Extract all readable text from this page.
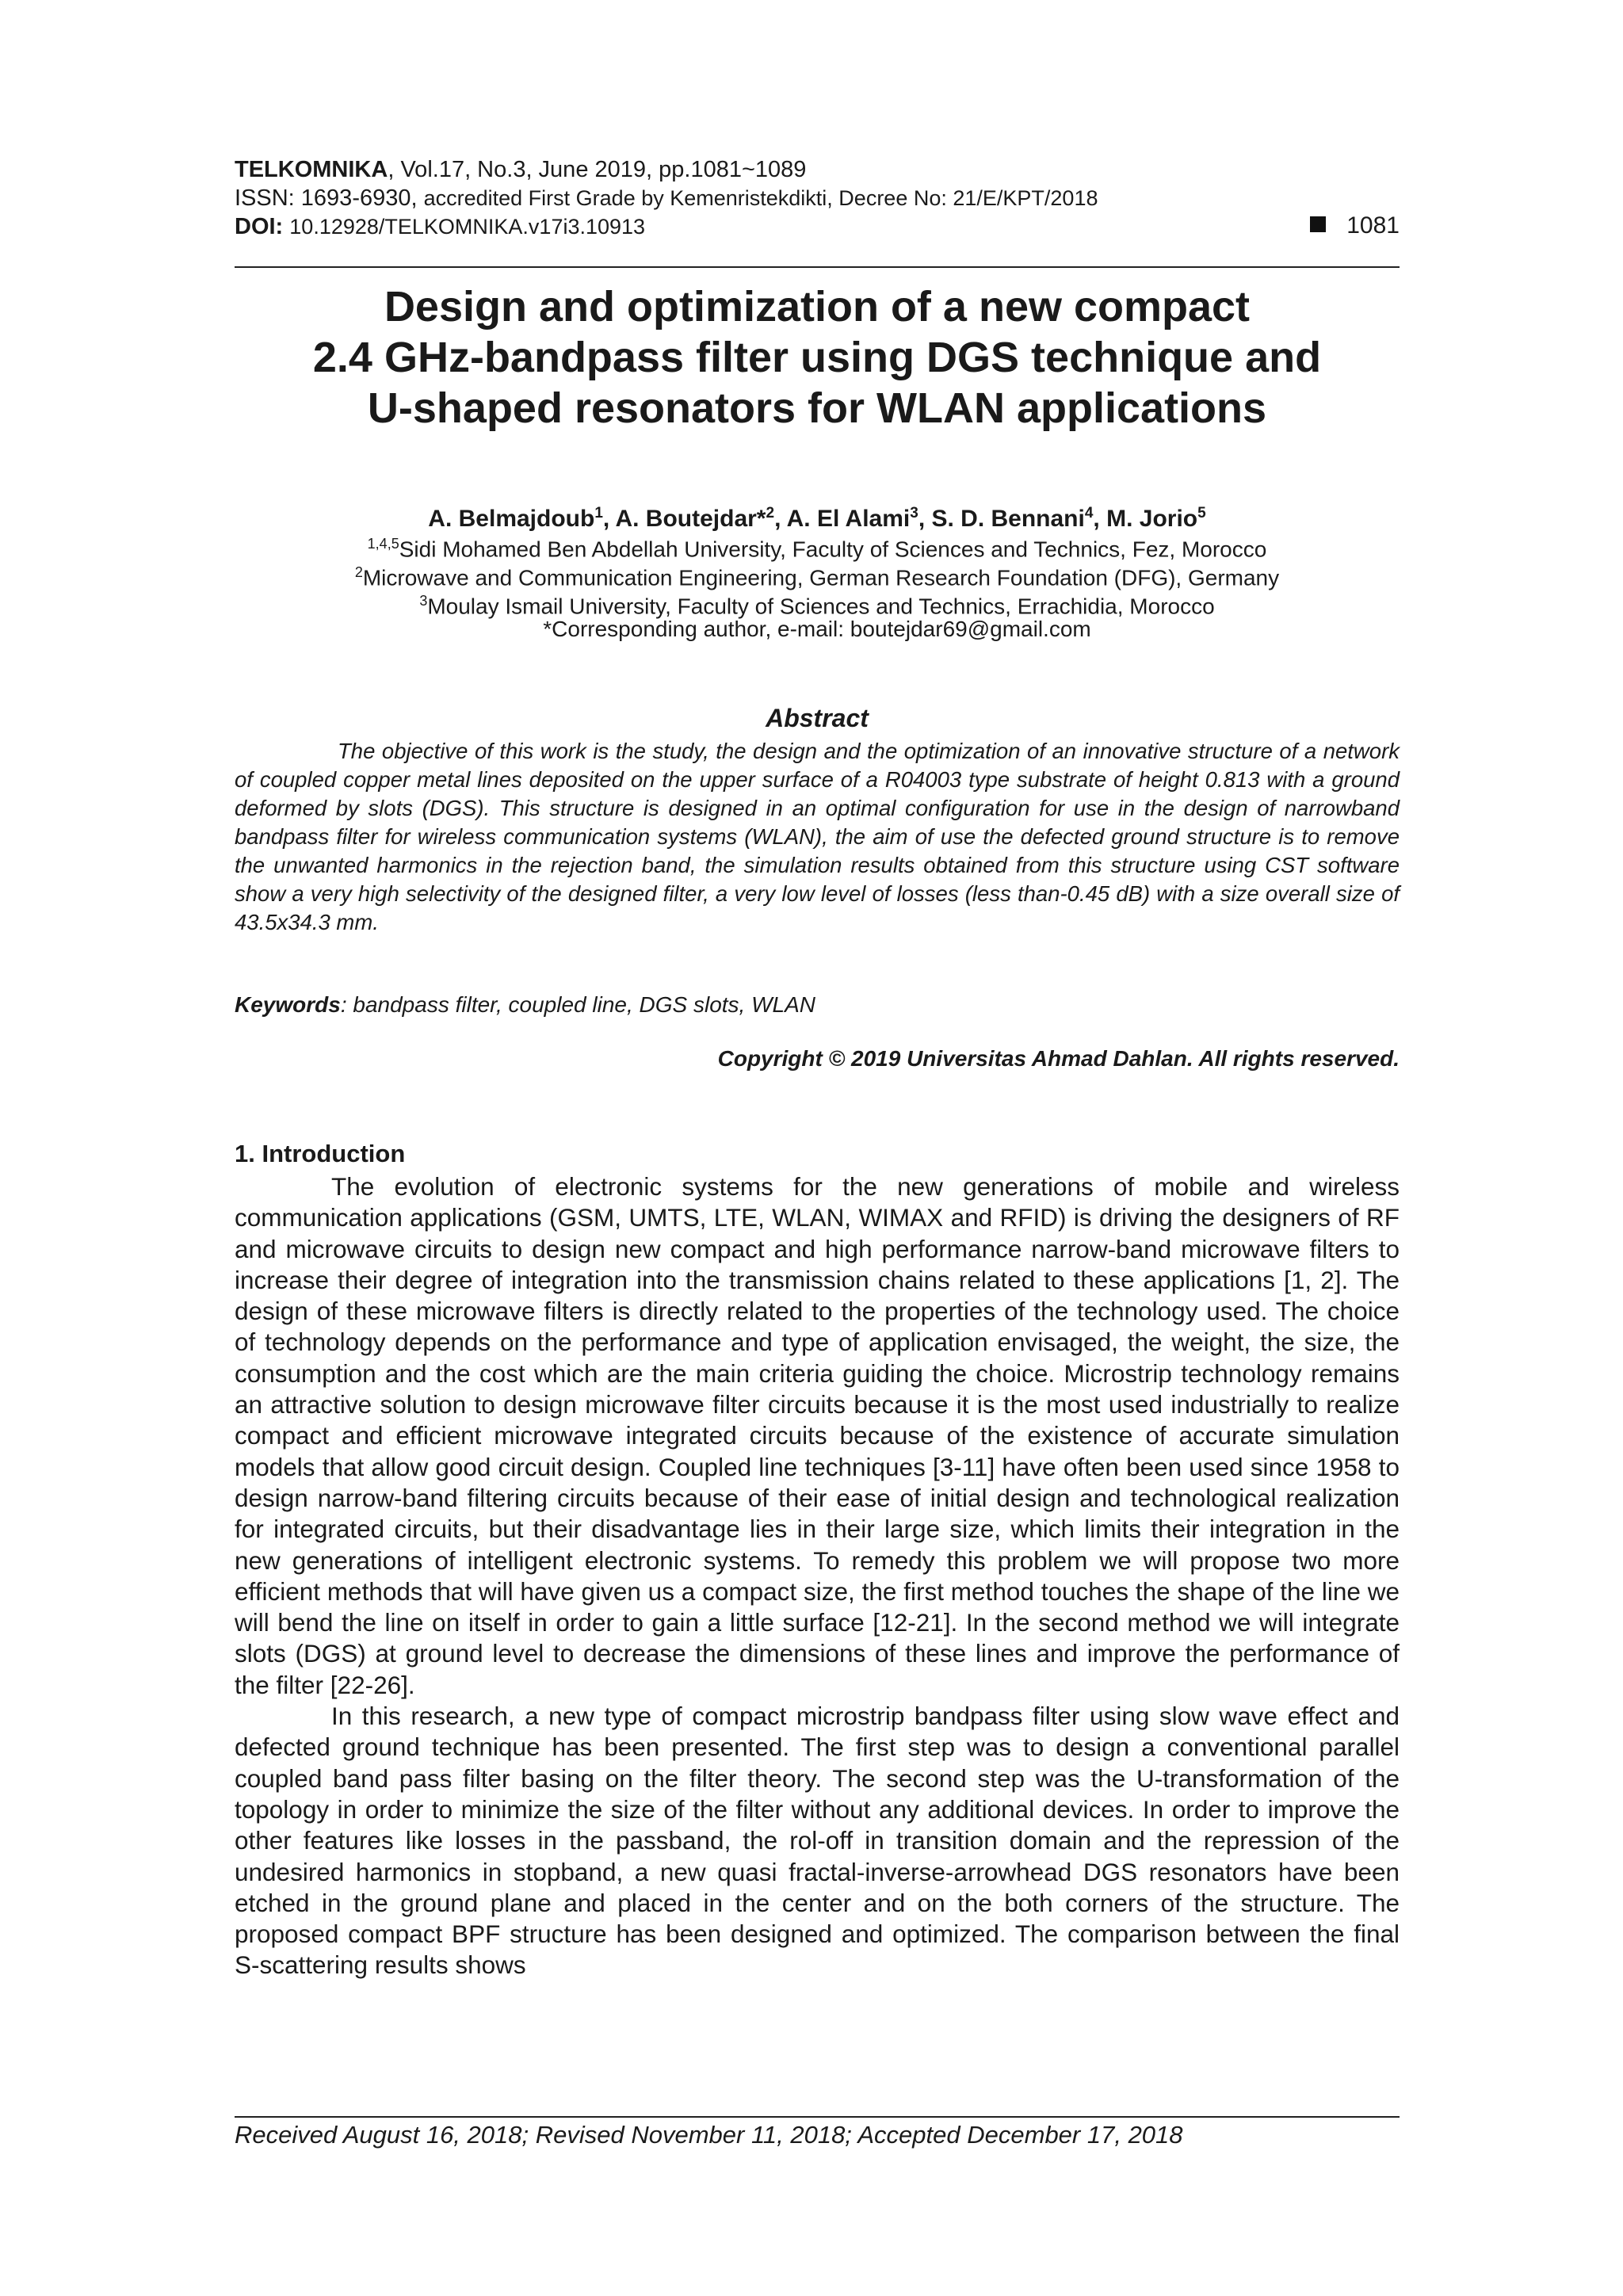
TELKOMNIKA, Vol.17, No.3, June 2019, pp.1081~1089
ISSN: 1693-6930, accredited First Grade by Kemenristekdikti, Decree No: 21/E/KPT/2018
DOI: 10.12928/TELKOMNIKA.v17i3.10913	1081
Design and optimization of a new compact
2.4 GHz-bandpass filter using DGS technique and
U-shaped resonators for WLAN applications
A. Belmajdoub$^1$, A. Boutejdar*$^2$, A. El Alami$^3$, S. D. Bennani$^4$, M. Jorio$^5$
$^{1,4,5}$Sidi Mohamed Ben Abdellah University, Faculty of Sciences and Technics, Fez, Morocco
$^2$Microwave and Communication Engineering, German Research Foundation (DFG), Germany
$^3$Moulay Ismail University, Faculty of Sciences and Technics, Errachidia, Morocco
*Corresponding author, e-mail: boutejdar69@gmail.com
Abstract
The objective of this work is the study, the design and the optimization of an innovative structure of a network of coupled copper metal lines deposited on the upper surface of a R04003 type substrate of height 0.813 with a ground deformed by slots (DGS). This structure is designed in an optimal configuration for use in the design of narrowband bandpass filter for wireless communication systems (WLAN), the aim of use the defected ground structure is to remove the unwanted harmonics in the rejection band, the simulation results obtained from this structure using CST software show a very high selectivity of the designed filter, a very low level of losses (less than-0.45 dB) with a size overall size of 43.5x34.3 mm.
Keywords: bandpass filter, coupled line, DGS slots, WLAN
Copyright © 2019 Universitas Ahmad Dahlan. All rights reserved.
1. Introduction

The evolution of electronic systems for the new generations of mobile and wireless communication applications (GSM, UMTS, LTE, WLAN, WIMAX and RFID) is driving the designers of RF and microwave circuits to design new compact and high performance narrow-band microwave filters to increase their degree of integration into the transmission chains related to these applications [1, 2]. The design of these microwave filters is directly related to the properties of the technology used. The choice of technology depends on the performance and type of application envisaged, the weight, the size, the consumption and the cost which are the main criteria guiding the choice. Microstrip technology remains an attractive solution to design microwave filter circuits because it is the most used industrially to realize compact and efficient microwave integrated circuits because of the existence of accurate simulation models that allow good circuit design. Coupled line techniques [3-11] have often been used since 1958 to design narrow-band filtering circuits because of their ease of initial design and technological realization for integrated circuits, but their disadvantage lies in their large size, which limits their integration in the new generations of intelligent electronic systems. To remedy this problem we will propose two more efficient methods that will have given us a compact size, the first method touches the shape of the line we will bend the line on itself in order to gain a little surface [12-21]. In the second method we will integrate slots (DGS) at ground level to decrease the dimensions of these lines and improve the performance of the filter [22-26].

In this research, a new type of compact microstrip bandpass filter using slow wave effect and defected ground technique has been presented. The first step was to design a conventional parallel coupled band pass filter basing on the filter theory. The second step was the U-transformation of the topology in order to minimize the size of the filter without any additional devices. In order to improve the other features like losses in the passband, the rol-off in transition domain and the repression of the undesired harmonics in stopband, a new quasi fractal-inverse-arrowhead DGS resonators have been etched in the ground plane and placed in the center and on the both corners of the structure. The proposed compact BPF structure has been designed and optimized. The comparison between the final S-scattering results shows

Received August 16, 2018; Revised November 11, 2018; Accepted December 17, 2018
